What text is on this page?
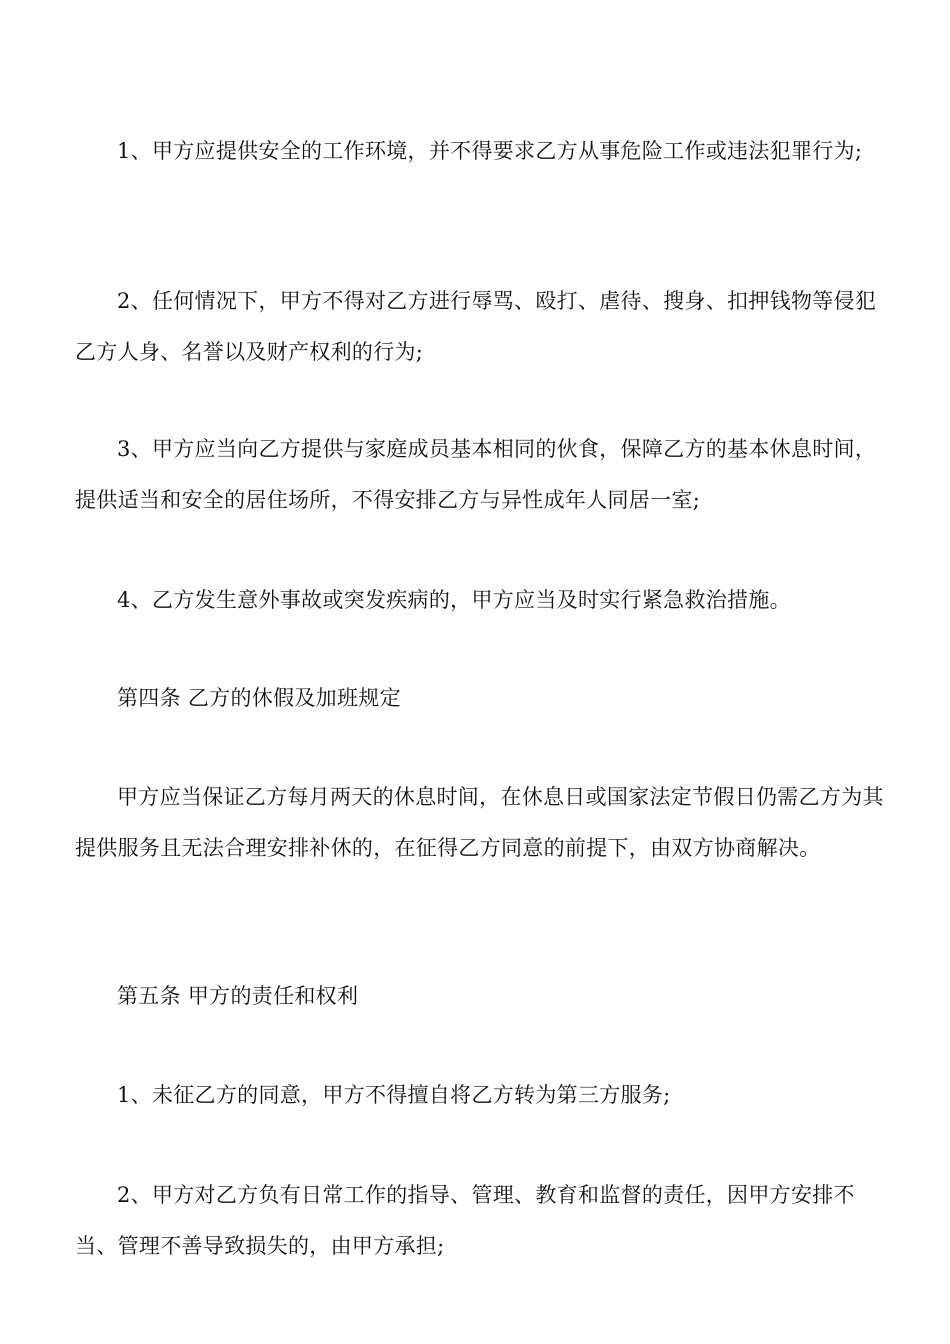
1、甲方应提供安全的工作环境，并不得要求乙方从事危险工作或违法犯罪行为;

2、任何情况下，甲方不得对乙方进行辱骂、殴打、虐待、搜身、扣押钱物等侵犯乙方人身、名誉以及财产权利的行为;

3、甲方应当向乙方提供与家庭成员基本相同的伙食，保障乙方的基本休息时间，提供适当和安全的居住场所，不得安排乙方与异性成年人同居一室;

4、乙方发生意外事故或突发疾病的，甲方应当及时实行紧急救治措施。

第四条 乙方的休假及加班规定

甲方应当保证乙方每月两天的休息时间，在休息日或国家法定节假日仍需乙方为其提供服务且无法合理安排补休的，在征得乙方同意的前提下，由双方协商解决。

第五条 甲方的责任和权利

1、未征乙方的同意，甲方不得擅自将乙方转为第三方服务;

2、甲方对乙方负有日常工作的指导、管理、教育和监督的责任，因甲方安排不当、管理不善导致损失的，由甲方承担;
